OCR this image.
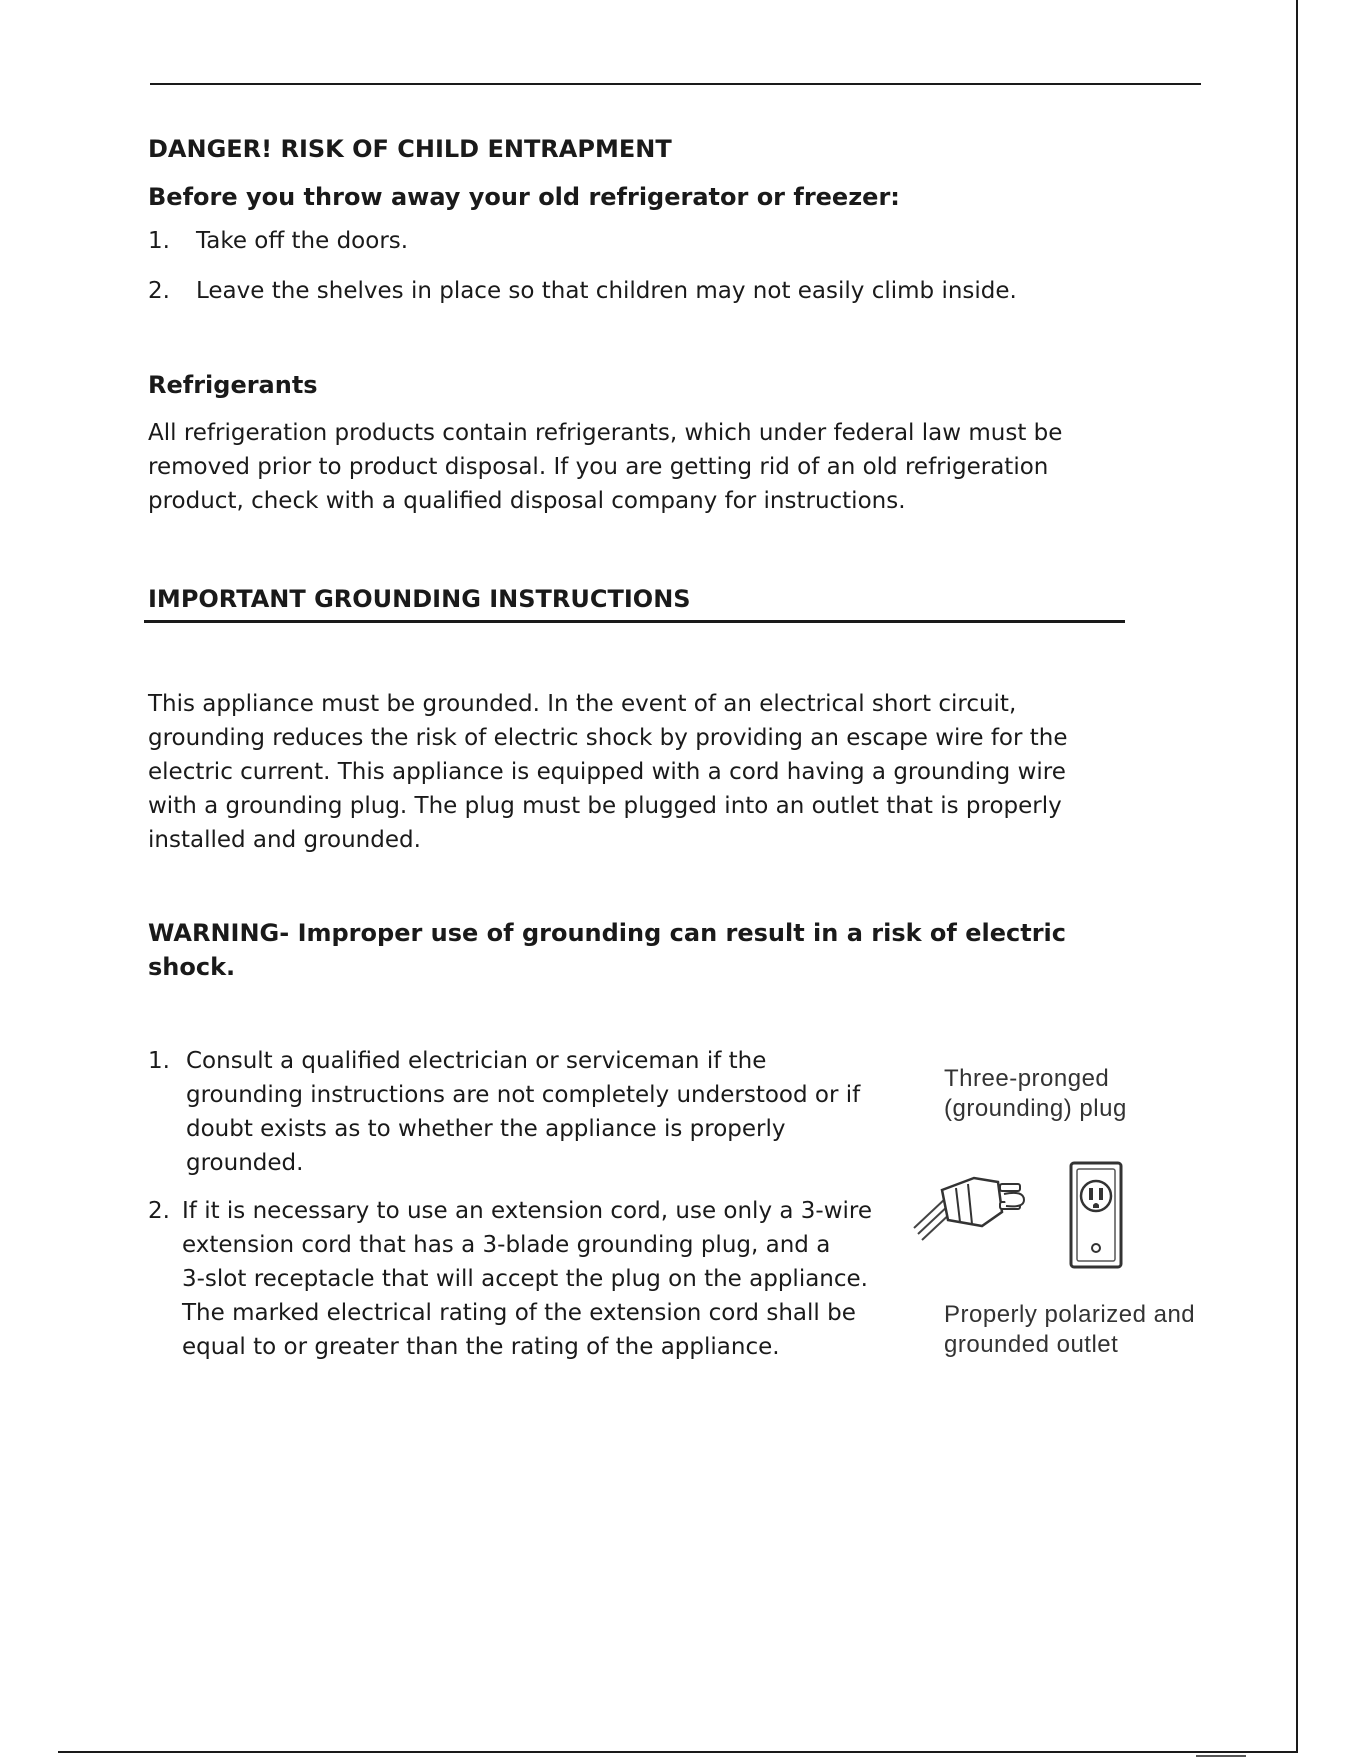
DANGER! RISK OF CHILD ENTRAPMENT
Before you throw away your old refrigerator or freezer:
1. Take off the doors.
2. Leave the shelves in place so that children may not easily climb inside.
Refrigerants
All refrigeration products contain refrigerants, which under federal law must be
removed prior to product disposal. If you are getting rid of an old refrigeration
product, check with a qualified disposal company for instructions.
IMPORTANT GROUNDING INSTRUCTIONS
This appliance must be grounded. In the event of an electrical short circuit,
grounding reduces the risk of electric shock by providing an escape wire for the
electric current. This appliance is equipped with a cord having a grounding wire
with a grounding plug. The plug must be plugged into an outlet that is properly
installed and grounded.
WARNING- Improper use of grounding can result in a risk of electric
shock.
1. Consult a qualified electrician or serviceman if the
grounding instructions are not completely understood or if
doubt exists as to whether the appliance is properly
grounded.
2. If it is necessary to use an extension cord, use only a 3-wire
extension cord that has a 3-blade grounding plug, and a
3-slot receptacle that will accept the plug on the appliance.
The marked electrical rating of the extension cord shall be
equal to or greater than the rating of the appliance.
Three-pronged
(grounding) plug
Properly polarized and
grounded outlet
